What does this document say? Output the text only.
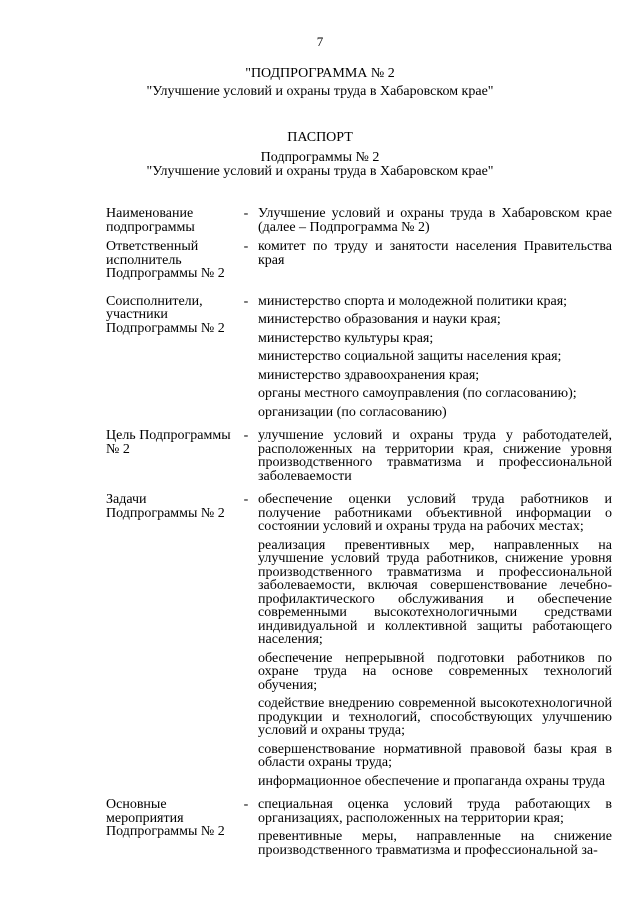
7
"ПОДПРОГРАММА № 2
"Улучшение условий и охраны труда в Хабаровском крае"
ПАСПОРТ
Подпрограммы № 2
"Улучшение условий и охраны труда в Хабаровском крае"
Наименование подпрограммы
- Улучшение условий и охраны труда в Хабаровском крае (далее – Подпрограмма № 2)
Ответственный исполнитель Подпрограммы № 2
- комитет по труду и занятости населения Правительства края
Соисполнители, участники Подпрограммы № 2
- министерство спорта и молодежной политики края;
министерство образования и науки края;
министерство культуры края;
министерство социальной защиты населения края;
министерство здравоохранения края;
органы местного самоуправления (по согласованию);
организации (по согласованию)
Цель Подпрограммы № 2
- улучшение условий и охраны труда у работодателей, расположенных на территории края, снижение уровня производственного травматизма и профессиональной заболеваемости
Задачи Подпрограммы № 2
- обеспечение оценки условий труда работников и получение работниками объективной информации о состоянии условий и охраны труда на рабочих местах;
реализация превентивных мер, направленных на улучшение условий труда работников, снижение уровня производственного травматизма и профессиональной заболеваемости, включая совершенствование лечебно-профилактического обслуживания и обеспечение современными высокотехнологичными средствами индивидуальной и коллективной защиты работающего населения;
обеспечение непрерывной подготовки работников по охране труда на основе современных технологий обучения;
содействие внедрению современной высокотехнологичной продукции и технологий, способствующих улучшению условий и охраны труда;
совершенствование нормативной правовой базы края в области охраны труда;
информационное обеспечение и пропаганда охраны труда
Основные мероприятия Подпрограммы № 2
- специальная оценка условий труда работающих в организациях, расположенных на территории края;
превентивные меры, направленные на снижение производственного травматизма и профессиональной за-
